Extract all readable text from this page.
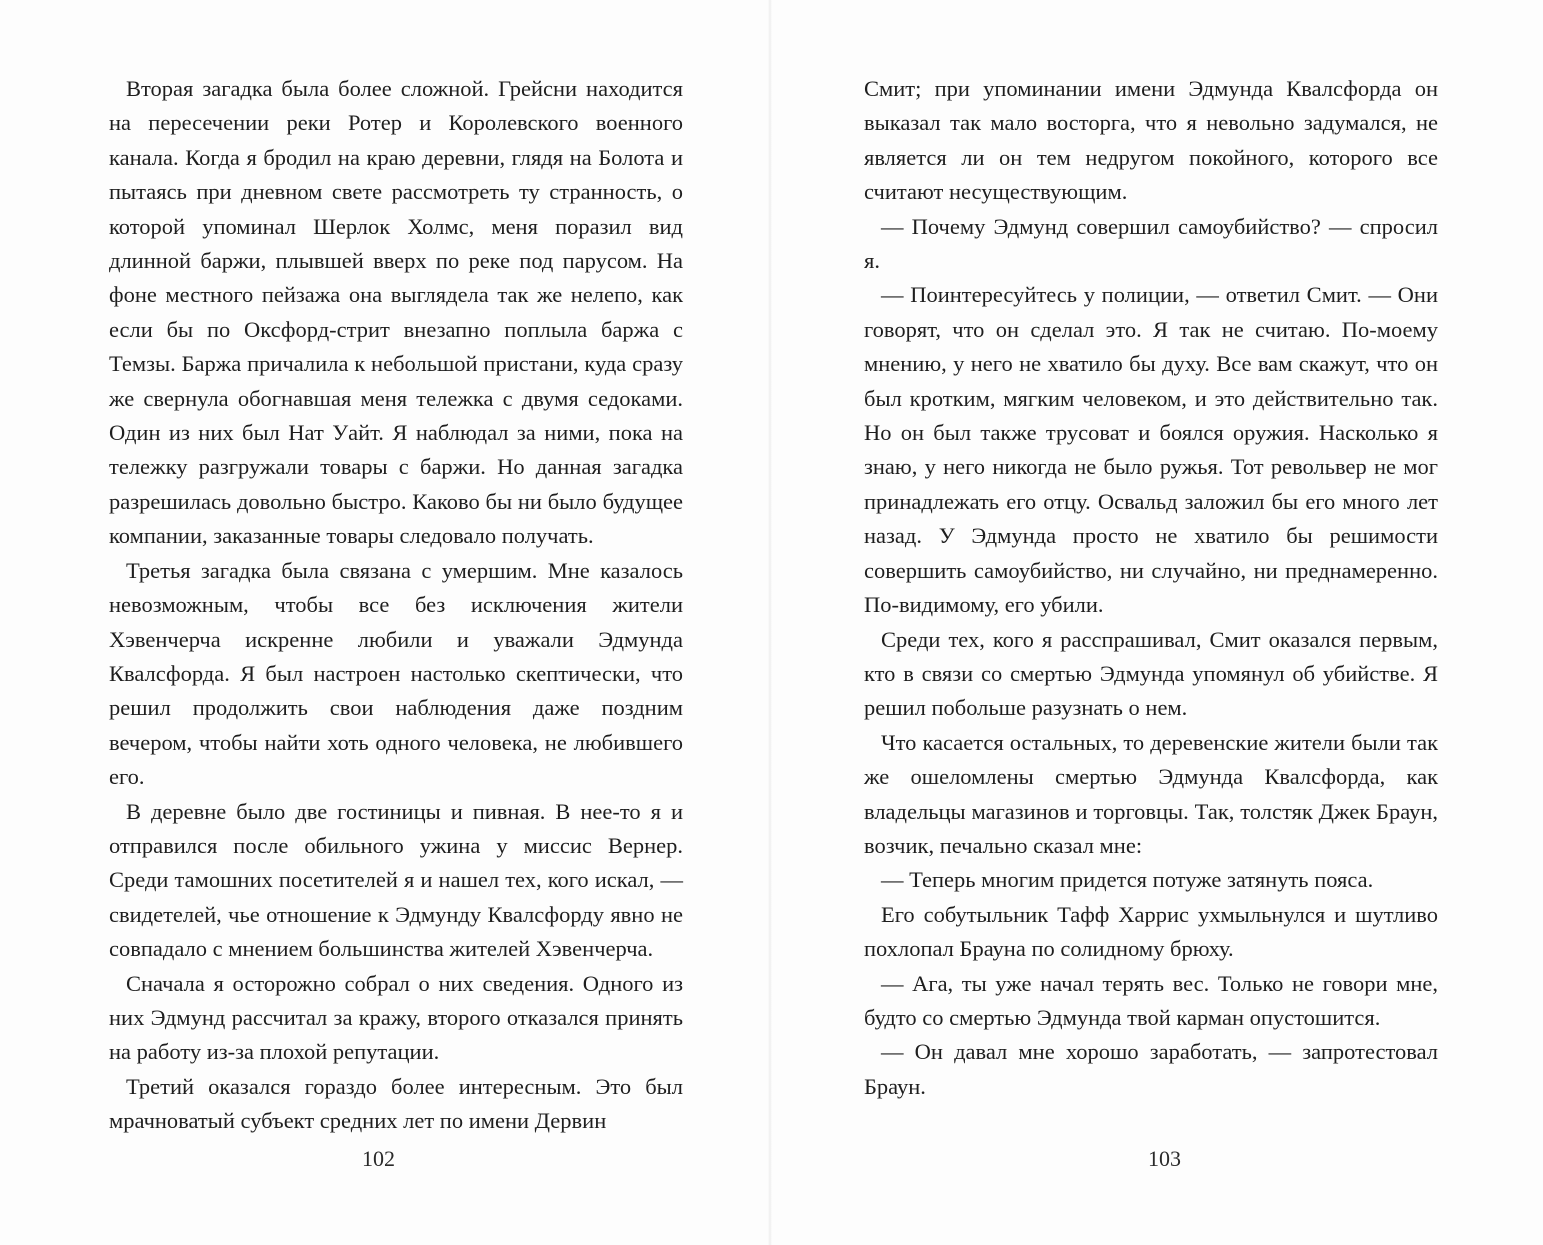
Вторая загадка была более сложной. Грейсни находится на пересечении реки Ротер и Королевского военного канала. Когда я бродил на краю деревни, глядя на Болота и пытаясь при дневном свете рассмотреть ту странность, о которой упоминал Шерлок Холмс, меня поразил вид длинной баржи, плывшей вверх по реке под парусом. На фоне местного пейзажа она выглядела так же нелепо, как если бы по Оксфорд-стрит внезапно поплыла баржа с Темзы. Баржа причалила к небольшой пристани, куда сразу же свернула обогнавшая меня тележка с двумя седоками. Один из них был Нат Уайт. Я наблюдал за ними, пока на тележку разгружали товары с баржи. Но данная загадка разрешилась довольно быстро. Каково бы ни было будущее компании, заказанные товары следовало получать.

Третья загадка была связана с умершим. Мне казалось невозможным, чтобы все без исключения жители Хэвенчерча искренне любили и уважали Эдмунда Квалсфорда. Я был настроен настолько скептически, что решил продолжить свои наблюдения даже поздним вечером, чтобы найти хоть одного человека, не любившего его.

В деревне было две гостиницы и пивная. В нее-то я и отправился после обильного ужина у миссис Вернер. Среди тамошних посетителей я и нашел тех, кого искал, — свидетелей, чье отношение к Эдмунду Квалсфорду явно не совпадало с мнением большинства жителей Хэвенчерча.

Сначала я осторожно собрал о них сведения. Одного из них Эдмунд рассчитал за кражу, второго отказался принять на работу из-за плохой репутации.

Третий оказался гораздо более интересным. Это был мрачноватый субъект средних лет по имени Дервин

102

Смит; при упоминании имени Эдмунда Квалсфорда он выказал так мало восторга, что я невольно задумался, не является ли он тем недругом покойного, которого все считают несуществующим.

— Почему Эдмунд совершил самоубийство? — спросил я.

— Поинтересуйтесь у полиции, — ответил Смит. — Они говорят, что он сделал это. Я так не считаю. По-моему мнению, у него не хватило бы духу. Все вам скажут, что он был кротким, мягким человеком, и это действительно так. Но он был также трусоват и боялся оружия. Насколько я знаю, у него никогда не было ружья. Тот револьвер не мог принадлежать его отцу. Освальд заложил бы его много лет назад. У Эдмунда просто не хватило бы решимости совершить самоубийство, ни случайно, ни преднамеренно. По-видимому, его убили.

Среди тех, кого я расспрашивал, Смит оказался первым, кто в связи со смертью Эдмунда упомянул об убийстве. Я решил побольше разузнать о нем.

Что касается остальных, то деревенские жители были так же ошеломлены смертью Эдмунда Квалсфорда, как владельцы магазинов и торговцы. Так, толстяк Джек Браун, возчик, печально сказал мне:

— Теперь многим придется потуже затянуть пояса.

Его собутыльник Тафф Харрис ухмыльнулся и шутливо похлопал Брауна по солидному брюху.

— Ага, ты уже начал терять вес. Только не говори мне, будто со смертью Эдмунда твой карман опустошится.

— Он давал мне хорошо заработать, — запротестовал Браун.

103
